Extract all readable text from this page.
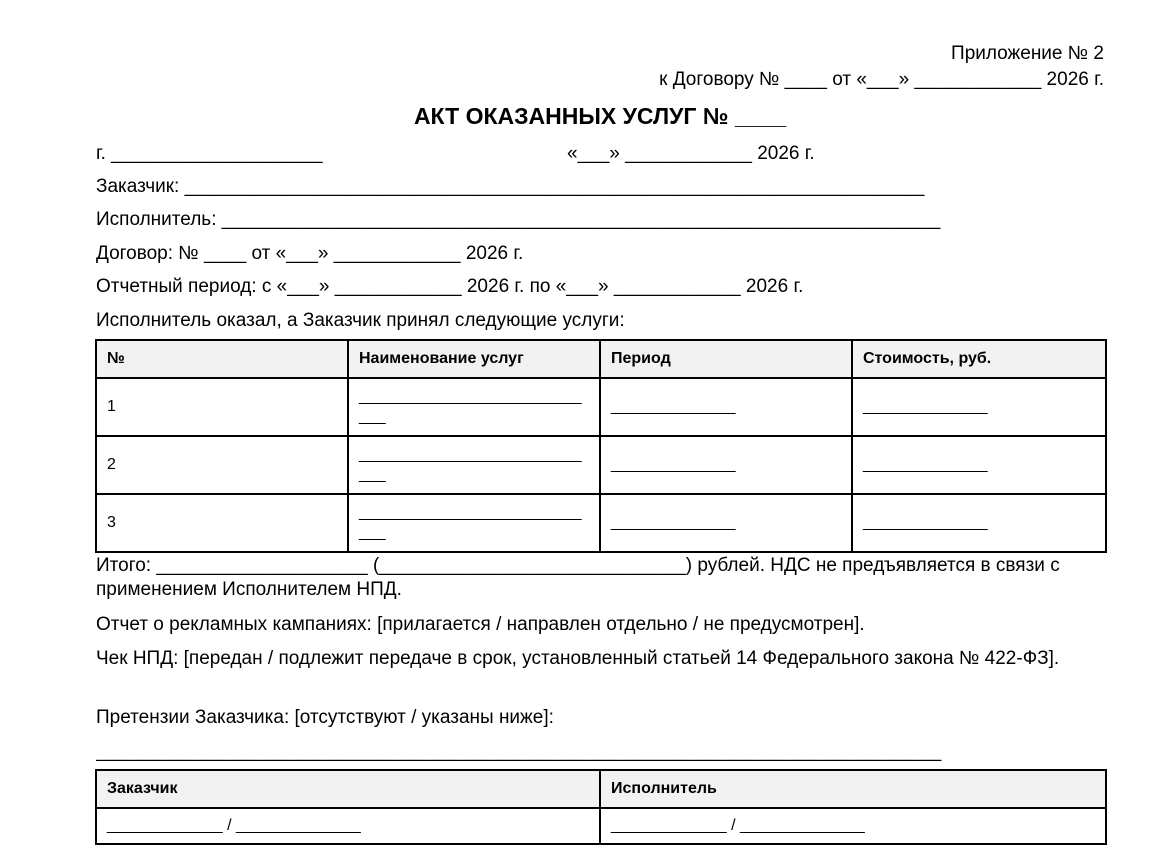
Приложение № 2
к Договору № ____ от «___» ____________ 2026 г.
АКТ ОКАЗАННЫХ УСЛУГ № ____
г. ____________________	«___» ____________ 2026 г.
Заказчик: ______________________________________________________________________
Исполнитель: ____________________________________________________________________
Договор: № ____ от «___» ____________ 2026 г.
Отчетный период: с «___» ____________ 2026 г. по «___» ____________ 2026 г.
Исполнитель оказал, а Заказчик принял следующие услуги:
№	Наименование услуг	Период	Стоимость, руб.
1	____________________________	______________	______________
2	____________________________	______________	______________
3	____________________________	______________	______________
Итого: ____________________ (_____________________________) рублей. НДС не предъявляется в связи с применением Исполнителем НПД.
Отчет о рекламных кампаниях: [прилагается / направлен отдельно / не предусмотрен].
Чек НПД: [передан / подлежит передаче в срок, установленный статьей 14 Федерального закона № 422-ФЗ].
Претензии Заказчика: [отсутствуют / указаны ниже]:
________________________________________________________________________________
Заказчик	Исполнитель
_____________ / ______________	_____________ / ______________
